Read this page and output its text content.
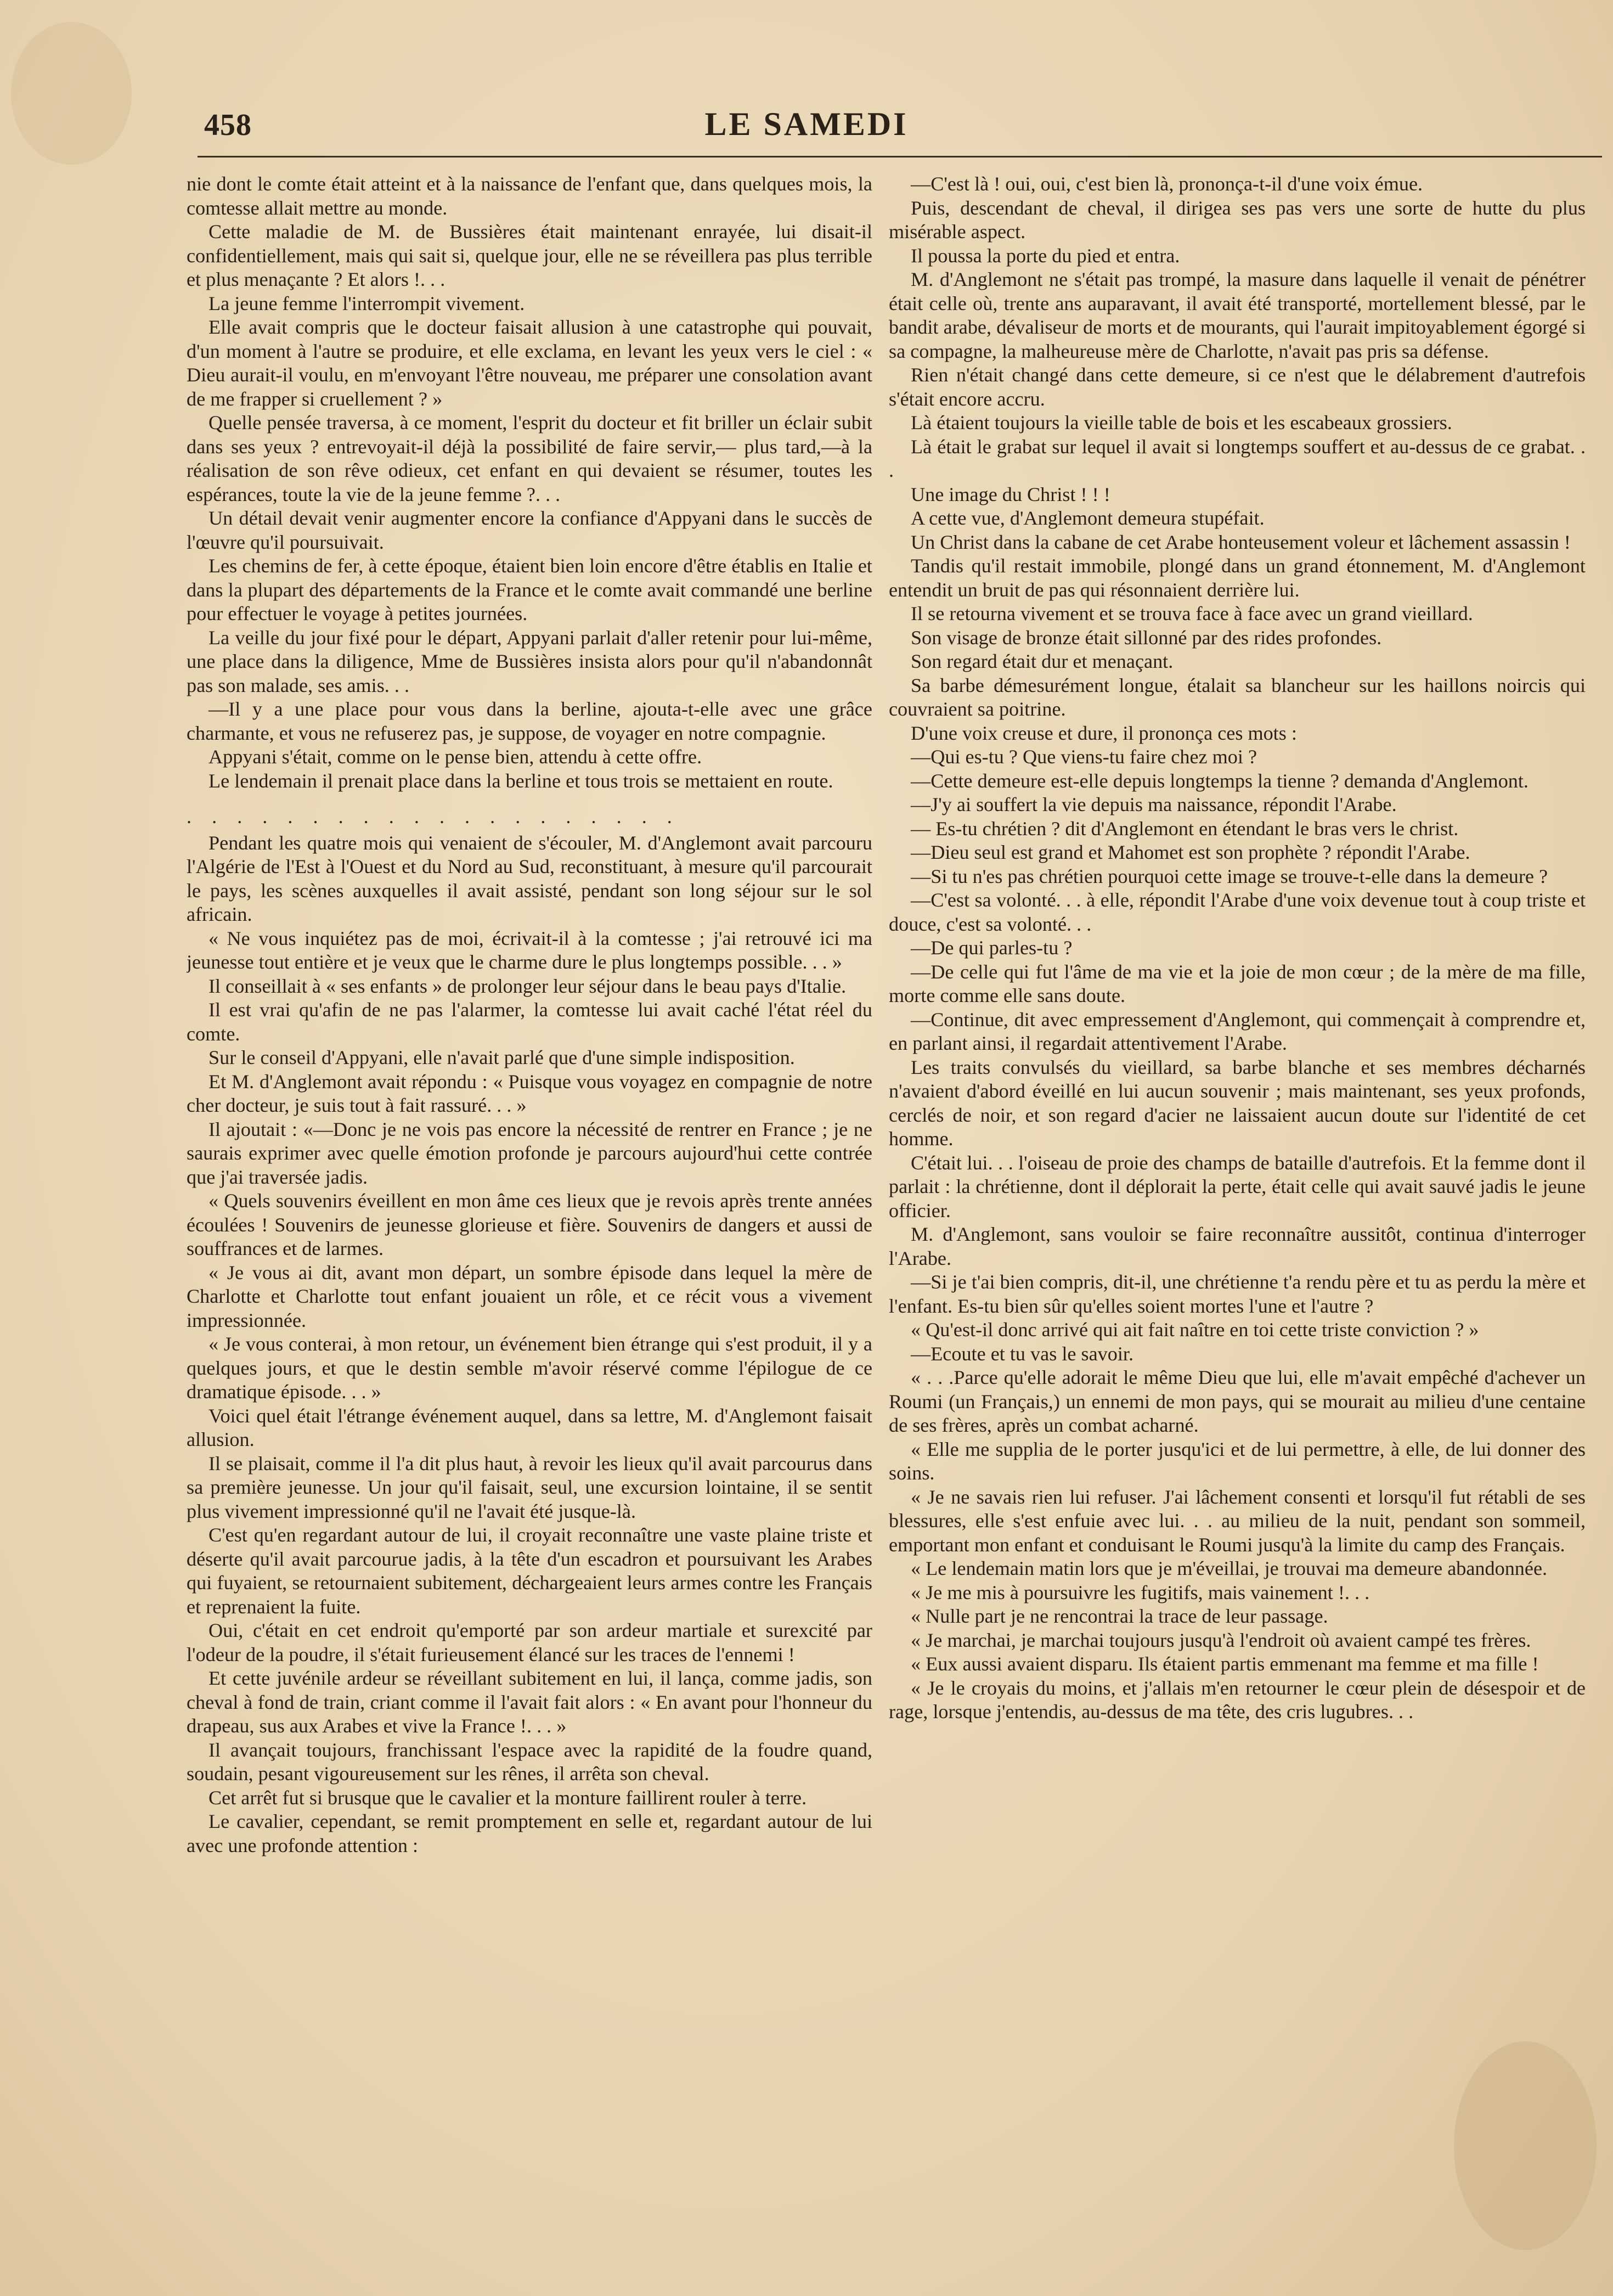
458	LE SAMEDI

nie dont le comte était atteint et à la naissance de l'enfant que, dans quelques mois, la comtesse allait mettre au monde.

Cette maladie de M. de Bussières était maintenant enrayée, lui disait-il confidentiellement, mais qui sait si, quelque jour, elle ne se réveillera pas plus terrible et plus menaçante ? Et alors !. . .

La jeune femme l'interrompit vivement.

Elle avait compris que le docteur faisait allusion à une catastrophe qui pouvait, d'un moment à l'autre se produire, et elle exclama, en levant les yeux vers le ciel : « Dieu aurait-il voulu, en m'envoyant l'être nouveau, me préparer une consolation avant de me frapper si cruellement ? »

Quelle pensée traversa, à ce moment, l'esprit du docteur et fit briller un éclair subit dans ses yeux ? entrevoyait-il déjà la possibilité de faire servir,— plus tard,—à la réalisation de son rêve odieux, cet enfant en qui devaient se résumer, toutes les espérances, toute la vie de la jeune femme ?. . .

Un détail devait venir augmenter encore la confiance d'Appyani dans le succès de l'œuvre qu'il poursuivait.

Les chemins de fer, à cette époque, étaient bien loin encore d'être établis en Italie et dans la plupart des départements de la France et le comte avait commandé une berline pour effectuer le voyage à petites journées.

La veille du jour fixé pour le départ, Appyani parlait d'aller retenir pour lui-même, une place dans la diligence, Mme de Bussières insista alors pour qu'il n'abandonnât pas son malade, ses amis. . .

—Il y a une place pour vous dans la berline, ajouta-t-elle avec une grâce charmante, et vous ne refuserez pas, je suppose, de voyager en notre compagnie.

Appyani s'était, comme on le pense bien, attendu à cette offre.

Le lendemain il prenait place dans la berline et tous trois se mettaient en route.

. . . . . . . . . . . . . . . . . . . .

Pendant les quatre mois qui venaient de s'écouler, M. d'Anglemont avait parcouru l'Algérie de l'Est à l'Ouest et du Nord au Sud, reconstituant, à mesure qu'il parcourait le pays, les scènes auxquelles il avait assisté, pendant son long séjour sur le sol africain.

« Ne vous inquiétez pas de moi, écrivait-il à la comtesse ; j'ai retrouvé ici ma jeunesse tout entière et je veux que le charme dure le plus longtemps possible. . . »

Il conseillait à « ses enfants » de prolonger leur séjour dans le beau pays d'Italie.

Il est vrai qu'afin de ne pas l'alarmer, la comtesse lui avait caché l'état réel du comte.

Sur le conseil d'Appyani, elle n'avait parlé que d'une simple indisposition.

Et M. d'Anglemont avait répondu : « Puisque vous voyagez en compagnie de notre cher docteur, je suis tout à fait rassuré. . . »

Il ajoutait : «—Donc je ne vois pas encore la nécessité de rentrer en France ; je ne saurais exprimer avec quelle émotion profonde je parcours aujourd'hui cette contrée que j'ai traversée jadis.

« Quels souvenirs éveillent en mon âme ces lieux que je revois après trente années écoulées ! Souvenirs de jeunesse glorieuse et fière. Souvenirs de dangers et aussi de souffrances et de larmes.

« Je vous ai dit, avant mon départ, un sombre épisode dans lequel la mère de Charlotte et Charlotte tout enfant jouaient un rôle, et ce récit vous a vivement impressionnée.

« Je vous conterai, à mon retour, un événement bien étrange qui s'est produit, il y a quelques jours, et que le destin semble m'avoir réservé comme l'épilogue de ce dramatique épisode. . . »

Voici quel était l'étrange événement auquel, dans sa lettre, M. d'Anglemont faisait allusion.

Il se plaisait, comme il l'a dit plus haut, à revoir les lieux qu'il avait parcourus dans sa première jeunesse. Un jour qu'il faisait, seul, une excursion lointaine, il se sentit plus vivement impressionné qu'il ne l'avait été jusque-là.

C'est qu'en regardant autour de lui, il croyait reconnaître une vaste plaine triste et déserte qu'il avait parcourue jadis, à la tête d'un escadron et poursuivant les Arabes qui fuyaient, se retournaient subitement, déchargeaient leurs armes contre les Français et reprenaient la fuite.

Oui, c'était en cet endroit qu'emporté par son ardeur martiale et surexcité par l'odeur de la poudre, il s'était furieusement élancé sur les traces de l'ennemi !

Et cette juvénile ardeur se réveillant subitement en lui, il lança, comme jadis, son cheval à fond de train, criant comme il l'avait fait alors : « En avant pour l'honneur du drapeau, sus aux Arabes et vive la France !. . . »

Il avançait toujours, franchissant l'espace avec la rapidité de la foudre quand, soudain, pesant vigoureusement sur les rênes, il arrêta son cheval.

Cet arrêt fut si brusque que le cavalier et la monture faillirent rouler à terre.

Le cavalier, cependant, se remit promptement en selle et, regardant autour de lui avec une profonde attention :

—C'est là ! oui, oui, c'est bien là, prononça-t-il d'une voix émue.

Puis, descendant de cheval, il dirigea ses pas vers une sorte de hutte du plus misérable aspect.

Il poussa la porte du pied et entra.

M. d'Anglemont ne s'était pas trompé, la masure dans laquelle il venait de pénétrer était celle où, trente ans auparavant, il avait été transporté, mortellement blessé, par le bandit arabe, dévaliseur de morts et de mourants, qui l'aurait impitoyablement égorgé si sa compagne, la malheureuse mère de Charlotte, n'avait pas pris sa défense.

Rien n'était changé dans cette demeure, si ce n'est que le délabrement d'autrefois s'était encore accru.

Là étaient toujours la vieille table de bois et les escabeaux grossiers.

Là était le grabat sur lequel il avait si longtemps souffert et au-dessus de ce grabat. . .

Une image du Christ ! ! !

A cette vue, d'Anglemont demeura stupéfait.

Un Christ dans la cabane de cet Arabe honteusement voleur et lâchement assassin !

Tandis qu'il restait immobile, plongé dans un grand étonnement, M. d'Anglemont entendit un bruit de pas qui résonnaient derrière lui.

Il se retourna vivement et se trouva face à face avec un grand vieillard.

Son visage de bronze était sillonné par des rides profondes.

Son regard était dur et menaçant.

Sa barbe démesurément longue, étalait sa blancheur sur les haillons noircis qui couvraient sa poitrine.

D'une voix creuse et dure, il prononça ces mots :

—Qui es-tu ? Que viens-tu faire chez moi ?

—Cette demeure est-elle depuis longtemps la tienne ? demanda d'Anglemont.

—J'y ai souffert la vie depuis ma naissance, répondit l'Arabe.

— Es-tu chrétien ? dit d'Anglemont en étendant le bras vers le christ.

—Dieu seul est grand et Mahomet est son prophète ? répondit l'Arabe.

—Si tu n'es pas chrétien pourquoi cette image se trouve-t-elle dans la demeure ?

—C'est sa volonté. . . à elle, répondit l'Arabe d'une voix devenue tout à coup triste et douce, c'est sa volonté. . .

—De qui parles-tu ?

—De celle qui fut l'âme de ma vie et la joie de mon cœur ; de la mère de ma fille, morte comme elle sans doute.

—Continue, dit avec empressement d'Anglemont, qui commençait à comprendre et, en parlant ainsi, il regardait attentivement l'Arabe.

Les traits convulsés du vieillard, sa barbe blanche et ses membres décharnés n'avaient d'abord éveillé en lui aucun souvenir ; mais maintenant, ses yeux profonds, cerclés de noir, et son regard d'acier ne laissaient aucun doute sur l'identité de cet homme.

C'était lui. . . l'oiseau de proie des champs de bataille d'autrefois. Et la femme dont il parlait : la chrétienne, dont il déplorait la perte, était celle qui avait sauvé jadis le jeune officier.

M. d'Anglemont, sans vouloir se faire reconnaître aussitôt, continua d'interroger l'Arabe.

—Si je t'ai bien compris, dit-il, une chrétienne t'a rendu père et tu as perdu la mère et l'enfant. Es-tu bien sûr qu'elles soient mortes l'une et l'autre ?

« Qu'est-il donc arrivé qui ait fait naître en toi cette triste conviction ? »

—Ecoute et tu vas le savoir.

« . . .Parce qu'elle adorait le même Dieu que lui, elle m'avait empêché d'achever un Roumi (un Français,) un ennemi de mon pays, qui se mourait au milieu d'une centaine de ses frères, après un combat acharné.

« Elle me supplia de le porter jusqu'ici et de lui permettre, à elle, de lui donner des soins.

« Je ne savais rien lui refuser. J'ai lâchement consenti et lorsqu'il fut rétabli de ses blessures, elle s'est enfuie avec lui. . . au milieu de la nuit, pendant son sommeil, emportant mon enfant et conduisant le Roumi jusqu'à la limite du camp des Français.

« Le lendemain matin lors que je m'éveillai, je trouvai ma demeure abandonnée.

« Je me mis à poursuivre les fugitifs, mais vainement !. . .

« Nulle part je ne rencontrai la trace de leur passage.

« Je marchai, je marchai toujours jusqu'à l'endroit où avaient campé tes frères.

« Eux aussi avaient disparu. Ils étaient partis emmenant ma femme et ma fille !

« Je le croyais du moins, et j'allais m'en retourner le cœur plein de désespoir et de rage, lorsque j'entendis, au-dessus de ma tête, des cris lugubres. . .
